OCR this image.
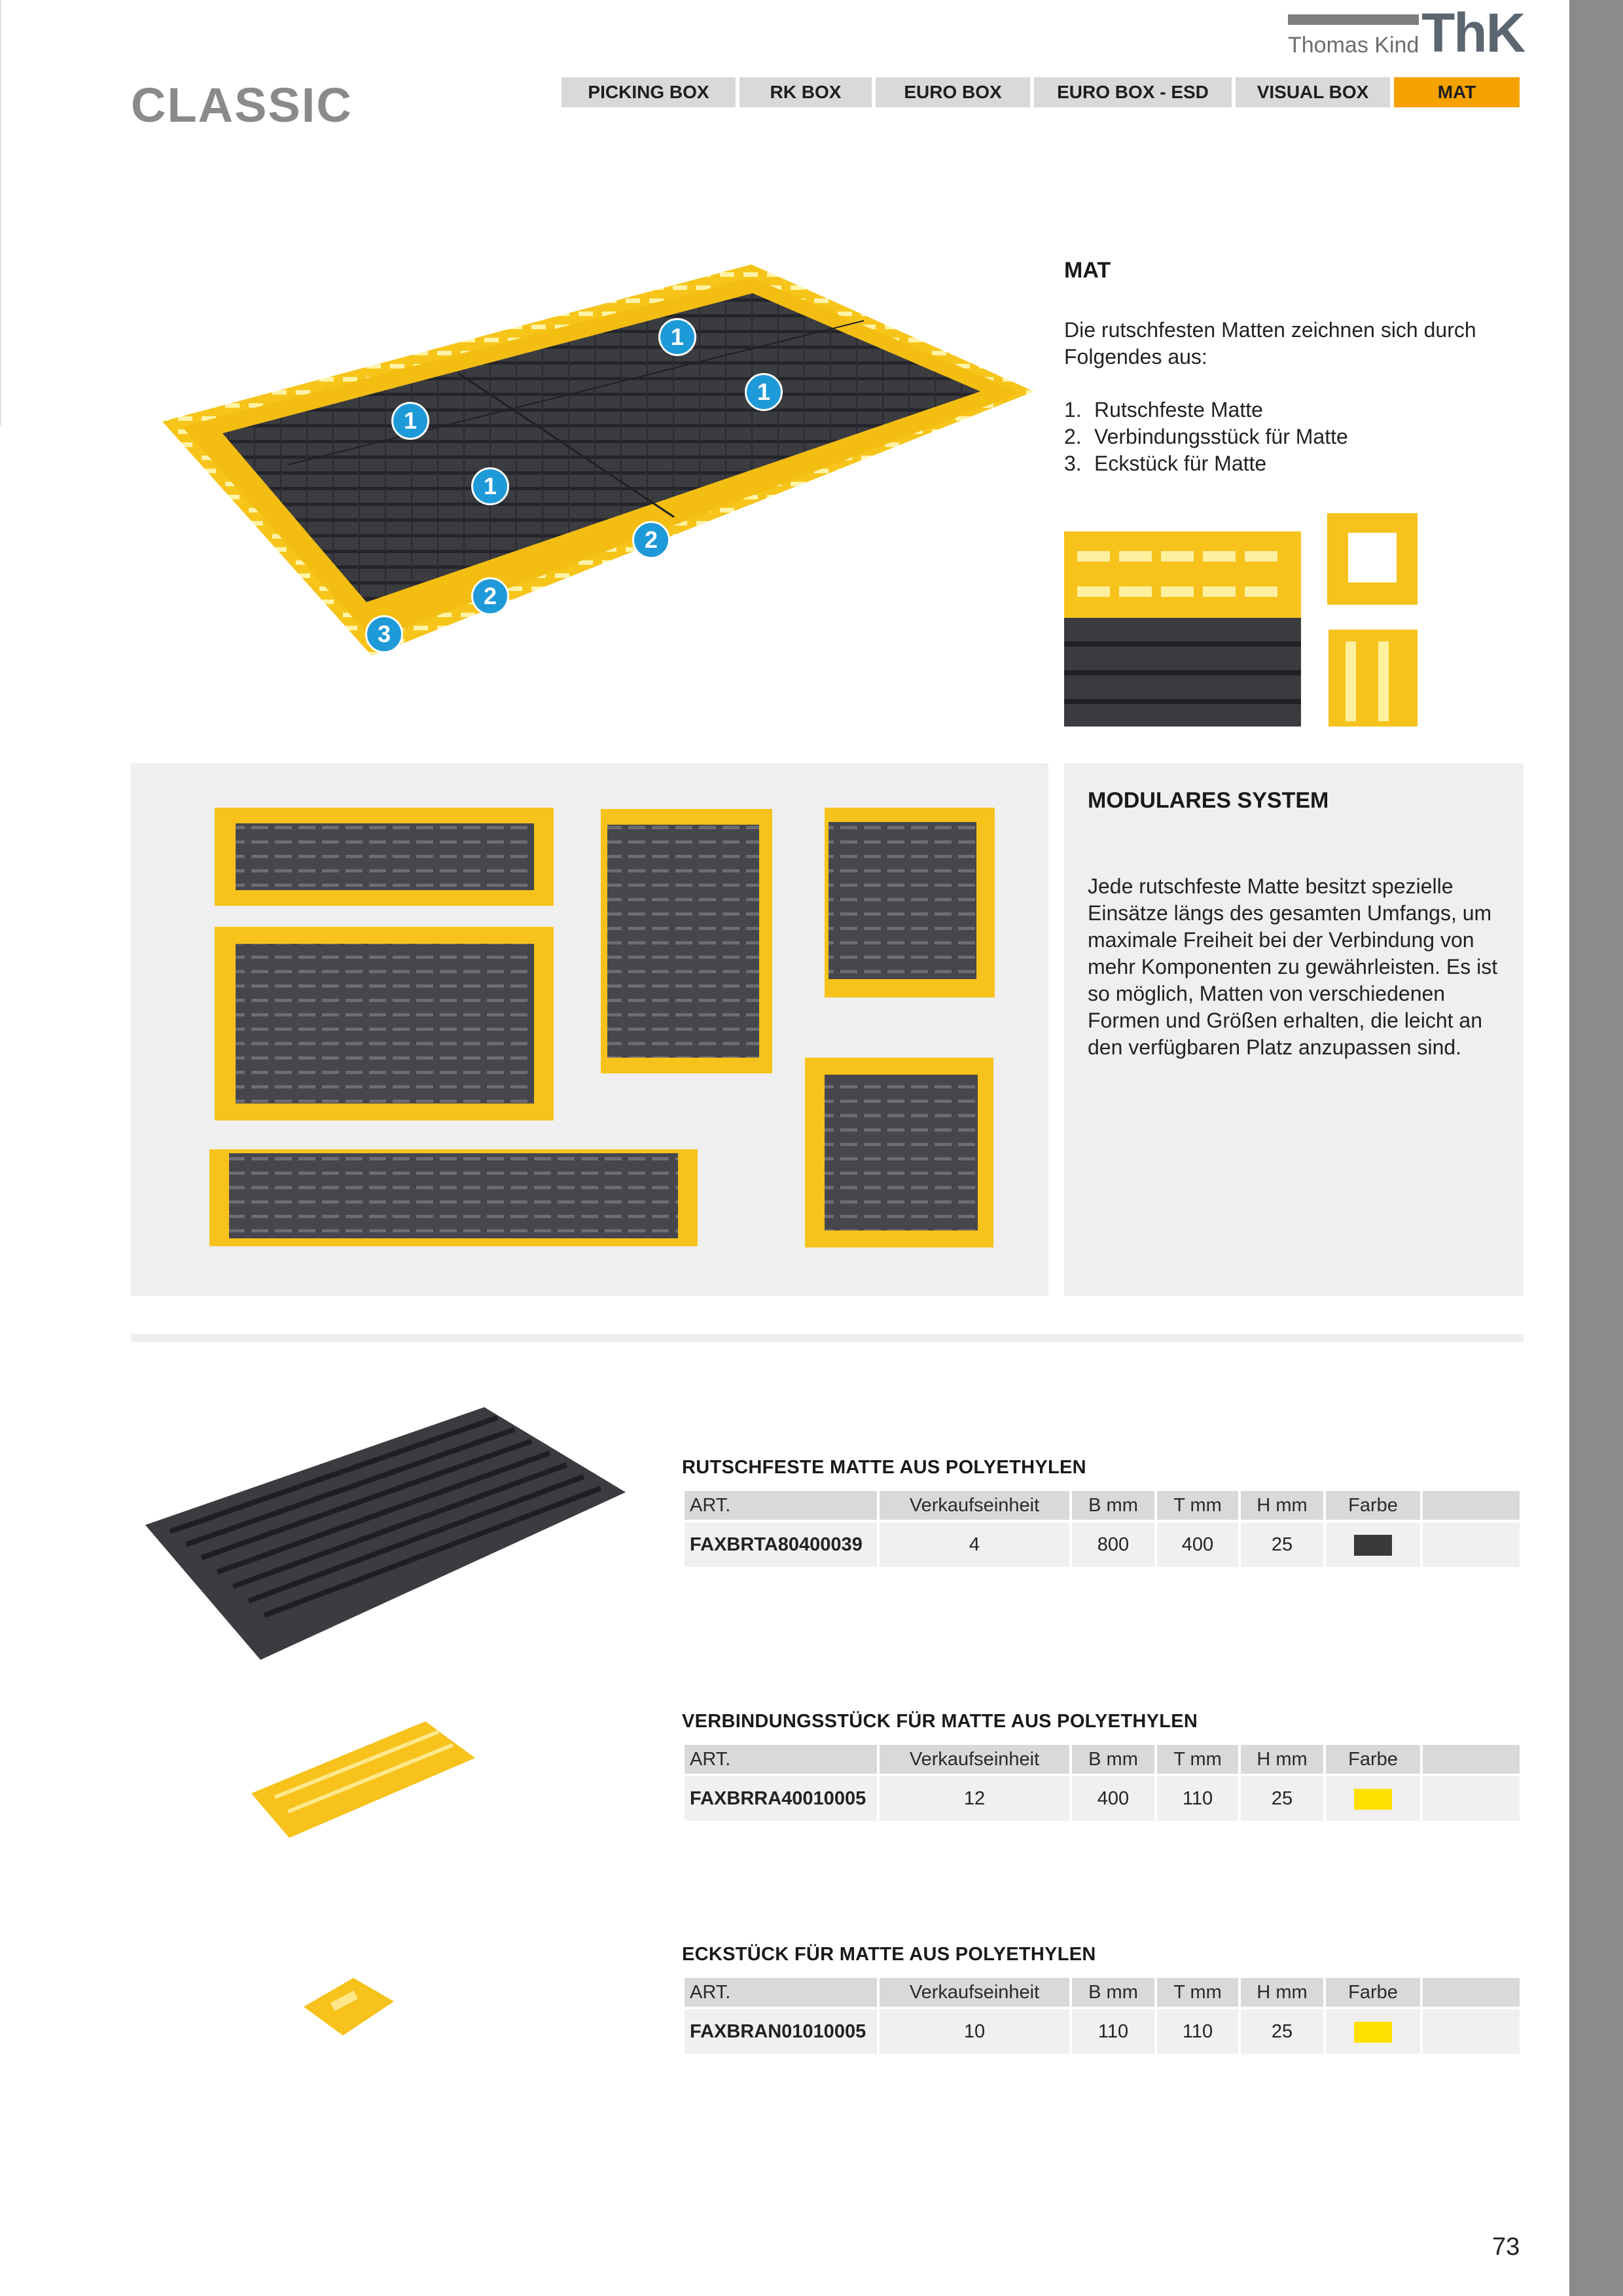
Thomas Kind ThK
CLASSIC	PICKING BOX	RK BOX	EURO BOX	EURO BOX - ESD	VISUAL BOX	MAT
1
1
1
1
2
2
3
MAT
Die rutschfesten Matten zeichnen sich durch Folgendes aus:
1. Rutschfeste Matte
2. Verbindungsstück für Matte
3. Eckstück für Matte
MODULARES SYSTEM
Jede rutschfeste Matte besitzt spezielle Einsätze längs des gesamten Umfangs, um maximale Freiheit bei der Verbindung von mehr Komponenten zu gewährleisten. Es ist so möglich, Matten von verschiedenen Formen und Größen erhalten, die leicht an den verfügbaren Platz anzupassen sind.
RUTSCHFESTE MATTE AUS POLYETHYLEN
ART.	Verkaufseinheit	B mm	T mm	H mm	Farbe	
FAXBRTA80400039	4	800	400	25		
VERBINDUNGSSTÜCK FÜR MATTE AUS POLYETHYLEN
ART.	Verkaufseinheit	B mm	T mm	H mm	Farbe	
FAXBRRA40010005	12	400	110	25		
ECKSTÜCK FÜR MATTE AUS POLYETHYLEN
ART.	Verkaufseinheit	B mm	T mm	H mm	Farbe	
FAXBRAN01010005	10	110	110	25		
73
